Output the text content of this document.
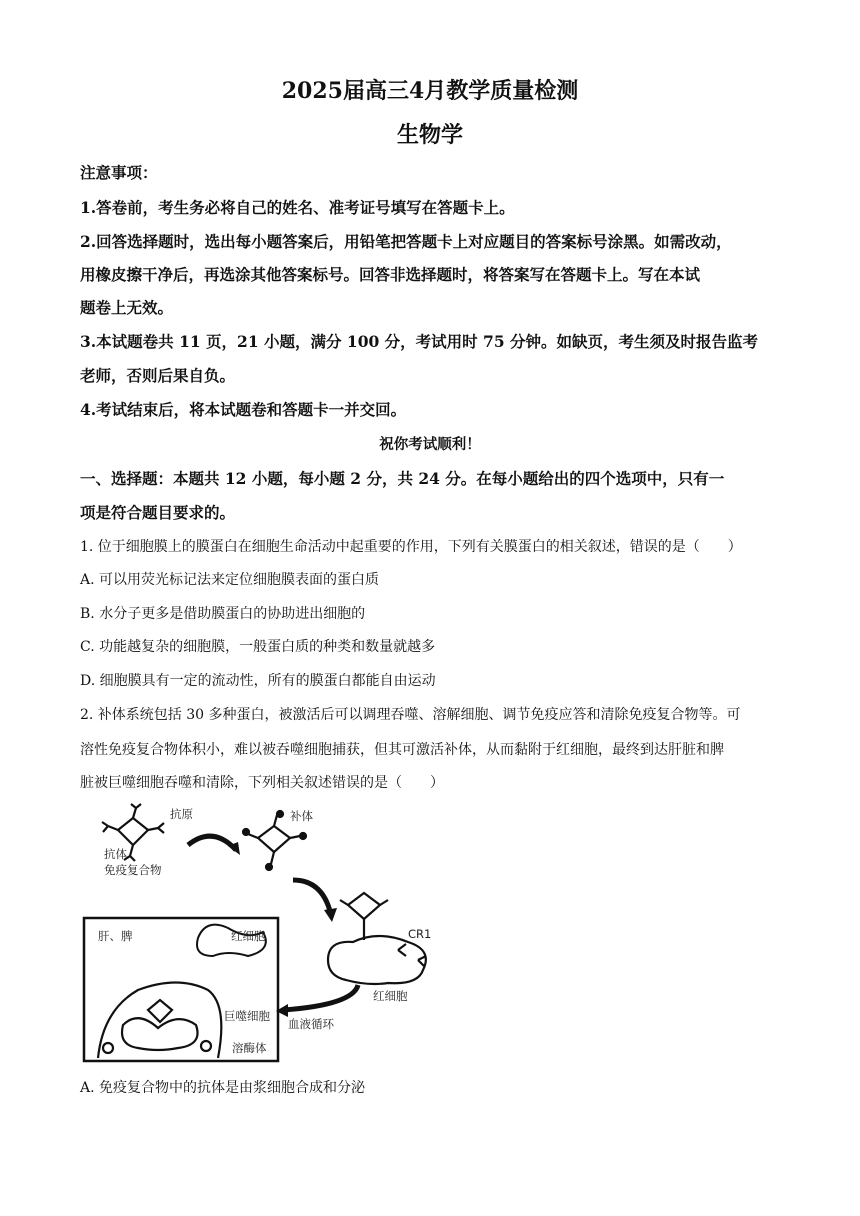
2025届高三4月教学质量检测
生物学
注意事项：
1.答卷前，考生务必将自己的姓名、准考证号填写在答题卡上。
2.回答选择题时，选出每小题答案后，用铅笔把答题卡上对应题目的答案标号涂黑。如需改动，
用橡皮擦干净后，再选涂其他答案标号。回答非选择题时，将答案写在答题卡上。写在本试
题卷上无效。
3.本试题卷共 11 页，21 小题，满分 100 分，考试用时 75 分钟。如缺页，考生须及时报告监考
老师，否则后果自负。
4.考试结束后，将本试题卷和答题卡一并交回。
祝你考试顺利！
一、选择题：本题共 12 小题，每小题 2 分，共 24 分。在每小题给出的四个选项中，只有一
项是符合题目要求的。
1. 位于细胞膜上的膜蛋白在细胞生命活动中起重要的作用，下列有关膜蛋白的相关叙述，错误的是（　　）
A. 可以用荧光标记法来定位细胞膜表面的蛋白质
B. 水分子更多是借助膜蛋白的协助进出细胞的
C. 功能越复杂的细胞膜，一般蛋白质的种类和数量就越多
D. 细胞膜具有一定的流动性，所有的膜蛋白都能自由运动
2. 补体系统包括 30 多种蛋白，被激活后可以调理吞噬、溶解细胞、调节免疫应答和清除免疫复合物等。可
溶性免疫复合物体积小，难以被吞噬细胞捕获，但其可激活补体，从而黏附于红细胞，最终到达肝脏和脾
脏被巨噬细胞吞噬和清除，下列相关叙述错误的是（　　）
抗原
抗体
免疫复合物
补体
CR1
红细胞
血液循环
肝、脾	红细胞
巨噬细胞
溶酶体
A. 免疫复合物中的抗体是由浆细胞合成和分泌
